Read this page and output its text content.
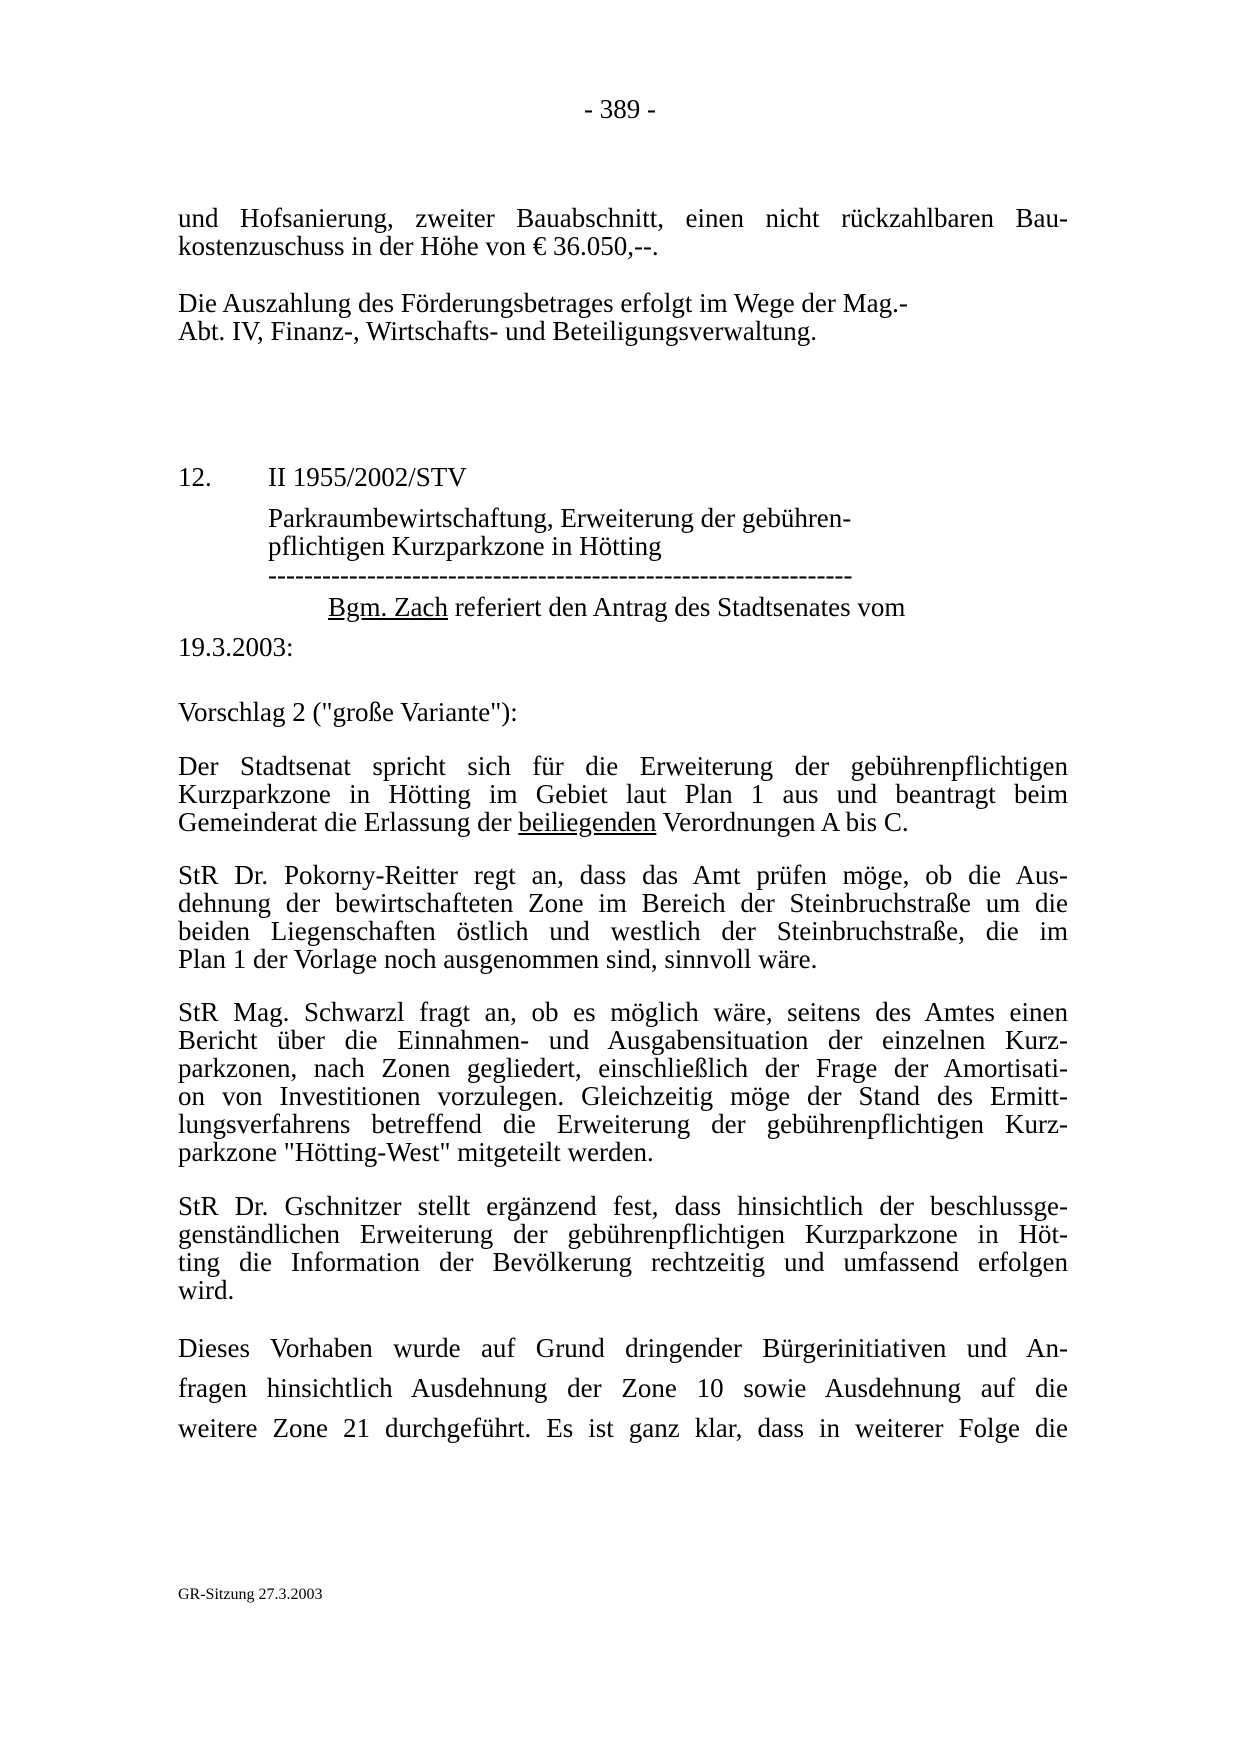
- 389 -
und Hofsanierung, zweiter Bauabschnitt, einen nicht rückzahlbaren Bau-
kostenzuschuss in der Höhe von € 36.050,--.
Die Auszahlung des Förderungsbetrages erfolgt im Wege der Mag.-
Abt. IV, Finanz-, Wirtschafts- und Beteiligungsverwaltung.
12. II 1955/2002/STV
Parkraumbewirtschaftung, Erweiterung der gebühren-
pflichtigen Kurzparkzone in Hötting
-----------------------------------------------------------------
Bgm. Zach referiert den Antrag des Stadtsenates vom
19.3.2003:
Vorschlag 2 ("große Variante"):
Der Stadtsenat spricht sich für die Erweiterung der gebührenpflichtigen
Kurzparkzone in Hötting im Gebiet laut Plan 1 aus und beantragt beim
Gemeinderat die Erlassung der beiliegenden Verordnungen A bis C.
StR Dr. Pokorny-Reitter regt an, dass das Amt prüfen möge, ob die Aus-
dehnung der bewirtschafteten Zone im Bereich der Steinbruchstraße um die
beiden Liegenschaften östlich und westlich der Steinbruchstraße, die im
Plan 1 der Vorlage noch ausgenommen sind, sinnvoll wäre.
StR Mag. Schwarzl fragt an, ob es möglich wäre, seitens des Amtes einen
Bericht über die Einnahmen- und Ausgabensituation der einzelnen Kurz-
parkzonen, nach Zonen gegliedert, einschließlich der Frage der Amortisati-
on von Investitionen vorzulegen. Gleichzeitig möge der Stand des Ermitt-
lungsverfahrens betreffend die Erweiterung der gebührenpflichtigen Kurz-
parkzone "Hötting-West" mitgeteilt werden.
StR Dr. Gschnitzer stellt ergänzend fest, dass hinsichtlich der beschlussge-
genständlichen Erweiterung der gebührenpflichtigen Kurzparkzone in Höt-
ting die Information der Bevölkerung rechtzeitig und umfassend erfolgen
wird.
Dieses Vorhaben wurde auf Grund dringender Bürgerinitiativen und An-
fragen hinsichtlich Ausdehnung der Zone 10 sowie Ausdehnung auf die
weitere Zone 21 durchgeführt. Es ist ganz klar, dass in weiterer Folge die
GR-Sitzung 27.3.2003
